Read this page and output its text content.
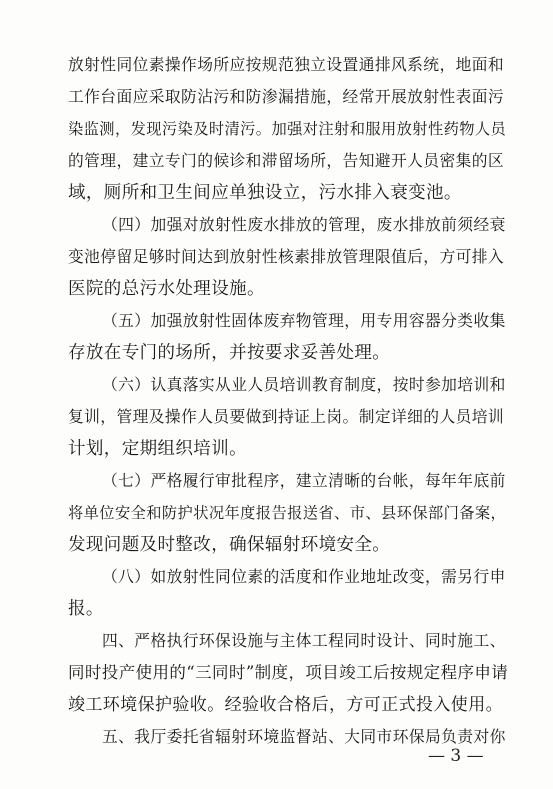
放射性同位素操作场所应按规范独立设置通排风系统，地面和
工作台面应采取防沾污和防渗漏措施，经常开展放射性表面污
染监测，发现污染及时清污。加强对注射和服用放射性药物人员
的管理，建立专门的候诊和滞留场所，告知避开人员密集的区
域，厕所和卫生间应单独设立，污水排入衰变池。
（四）加强对放射性废水排放的管理，废水排放前须经衰
变池停留足够时间达到放射性核素排放管理限值后，方可排入
医院的总污水处理设施。
（五）加强放射性固体废弃物管理，用专用容器分类收集
存放在专门的场所，并按要求妥善处理。
（六）认真落实从业人员培训教育制度，按时参加培训和
复训，管理及操作人员要做到持证上岗。制定详细的人员培训
计划，定期组织培训。
（七）严格履行审批程序，建立清晰的台帐，每年年底前
将单位安全和防护状况年度报告报送省、市、县环保部门备案，
发现问题及时整改，确保辐射环境安全。
（八）如放射性同位素的活度和作业地址改变，需另行申
报。
四、严格执行环保设施与主体工程同时设计、同时施工、
同时投产使用的“三同时”制度，项目竣工后按规定程序申请
竣工环境保护验收。经验收合格后，方可正式投入使用。
五、我厅委托省辐射环境监督站、大同市环保局负责对你
— 3 —
